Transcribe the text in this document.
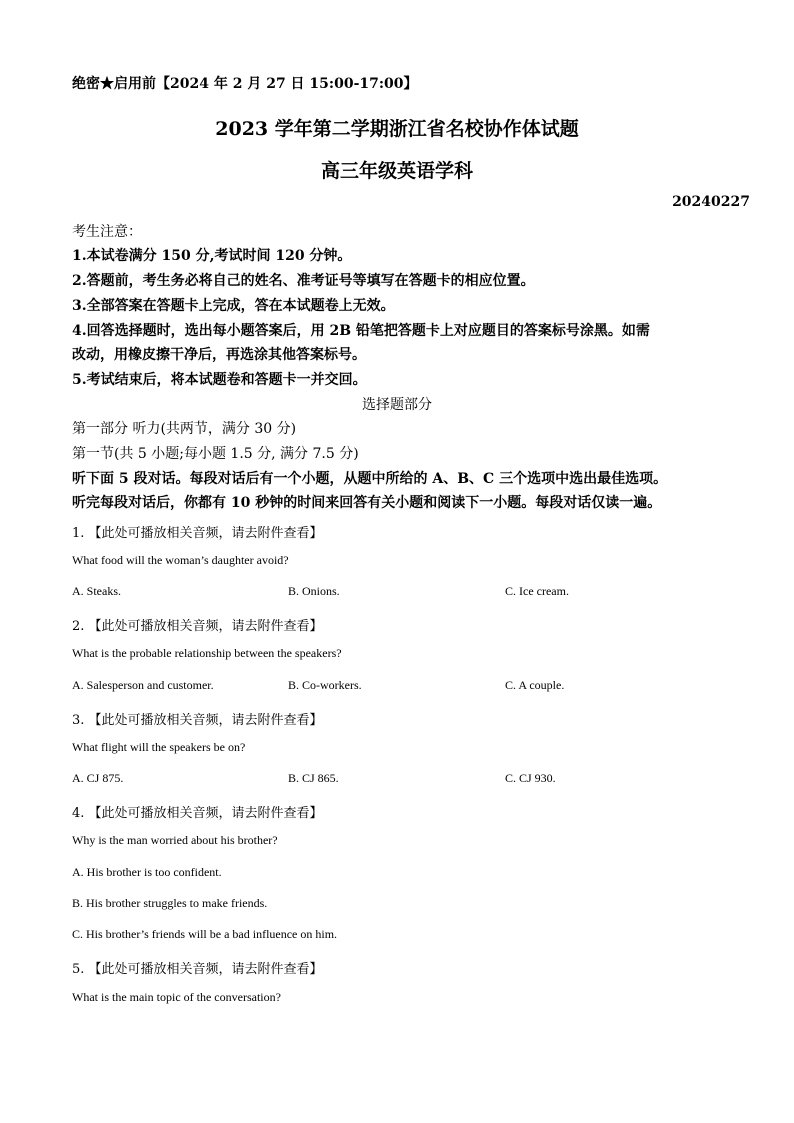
绝密★启用前【2024 年 2 月 27 日 15:00-17:00】
2023 学年第二学期浙江省名校协作体试题
高三年级英语学科
20240227
考生注意：
1.本试卷满分 150 分,考试时间 120 分钟。
2.答题前，考生务必将自己的姓名、准考证号等填写在答题卡的相应位置。
3.全部答案在答题卡上完成，答在本试题卷上无效。
4.回答选择题时，选出每小题答案后，用 2B 铅笔把答题卡上对应题目的答案标号涂黑。如需
改动，用橡皮擦干净后，再选涂其他答案标号。
5.考试结束后，将本试题卷和答题卡一并交回。
选择题部分
第一部分 听力(共两节，满分 30 分)
第一节(共 5 小题;每小题 1.5 分, 满分 7.5 分)
听下面 5 段对话。每段对话后有一个小题，从题中所给的 A、B、C 三个选项中选出最佳选项。
听完每段对话后，你都有 10 秒钟的时间来回答有关小题和阅读下一小题。每段对话仅读一遍。
1. 【此处可播放相关音频，请去附件查看】
What food will the woman’s daughter avoid?
A. Steaks.	B. Onions.	C. Ice cream.
2. 【此处可播放相关音频，请去附件查看】
What is the probable relationship between the speakers?
A. Salesperson and customer.	B. Co-workers.	C. A couple.
3. 【此处可播放相关音频，请去附件查看】
What flight will the speakers be on?
A. CJ 875.	B. CJ 865.	C. CJ 930.
4. 【此处可播放相关音频，请去附件查看】
Why is the man worried about his brother?
A. His brother is too confident.
B. His brother struggles to make friends.
C. His brother’s friends will be a bad influence on him.
5. 【此处可播放相关音频，请去附件查看】
What is the main topic of the conversation?
